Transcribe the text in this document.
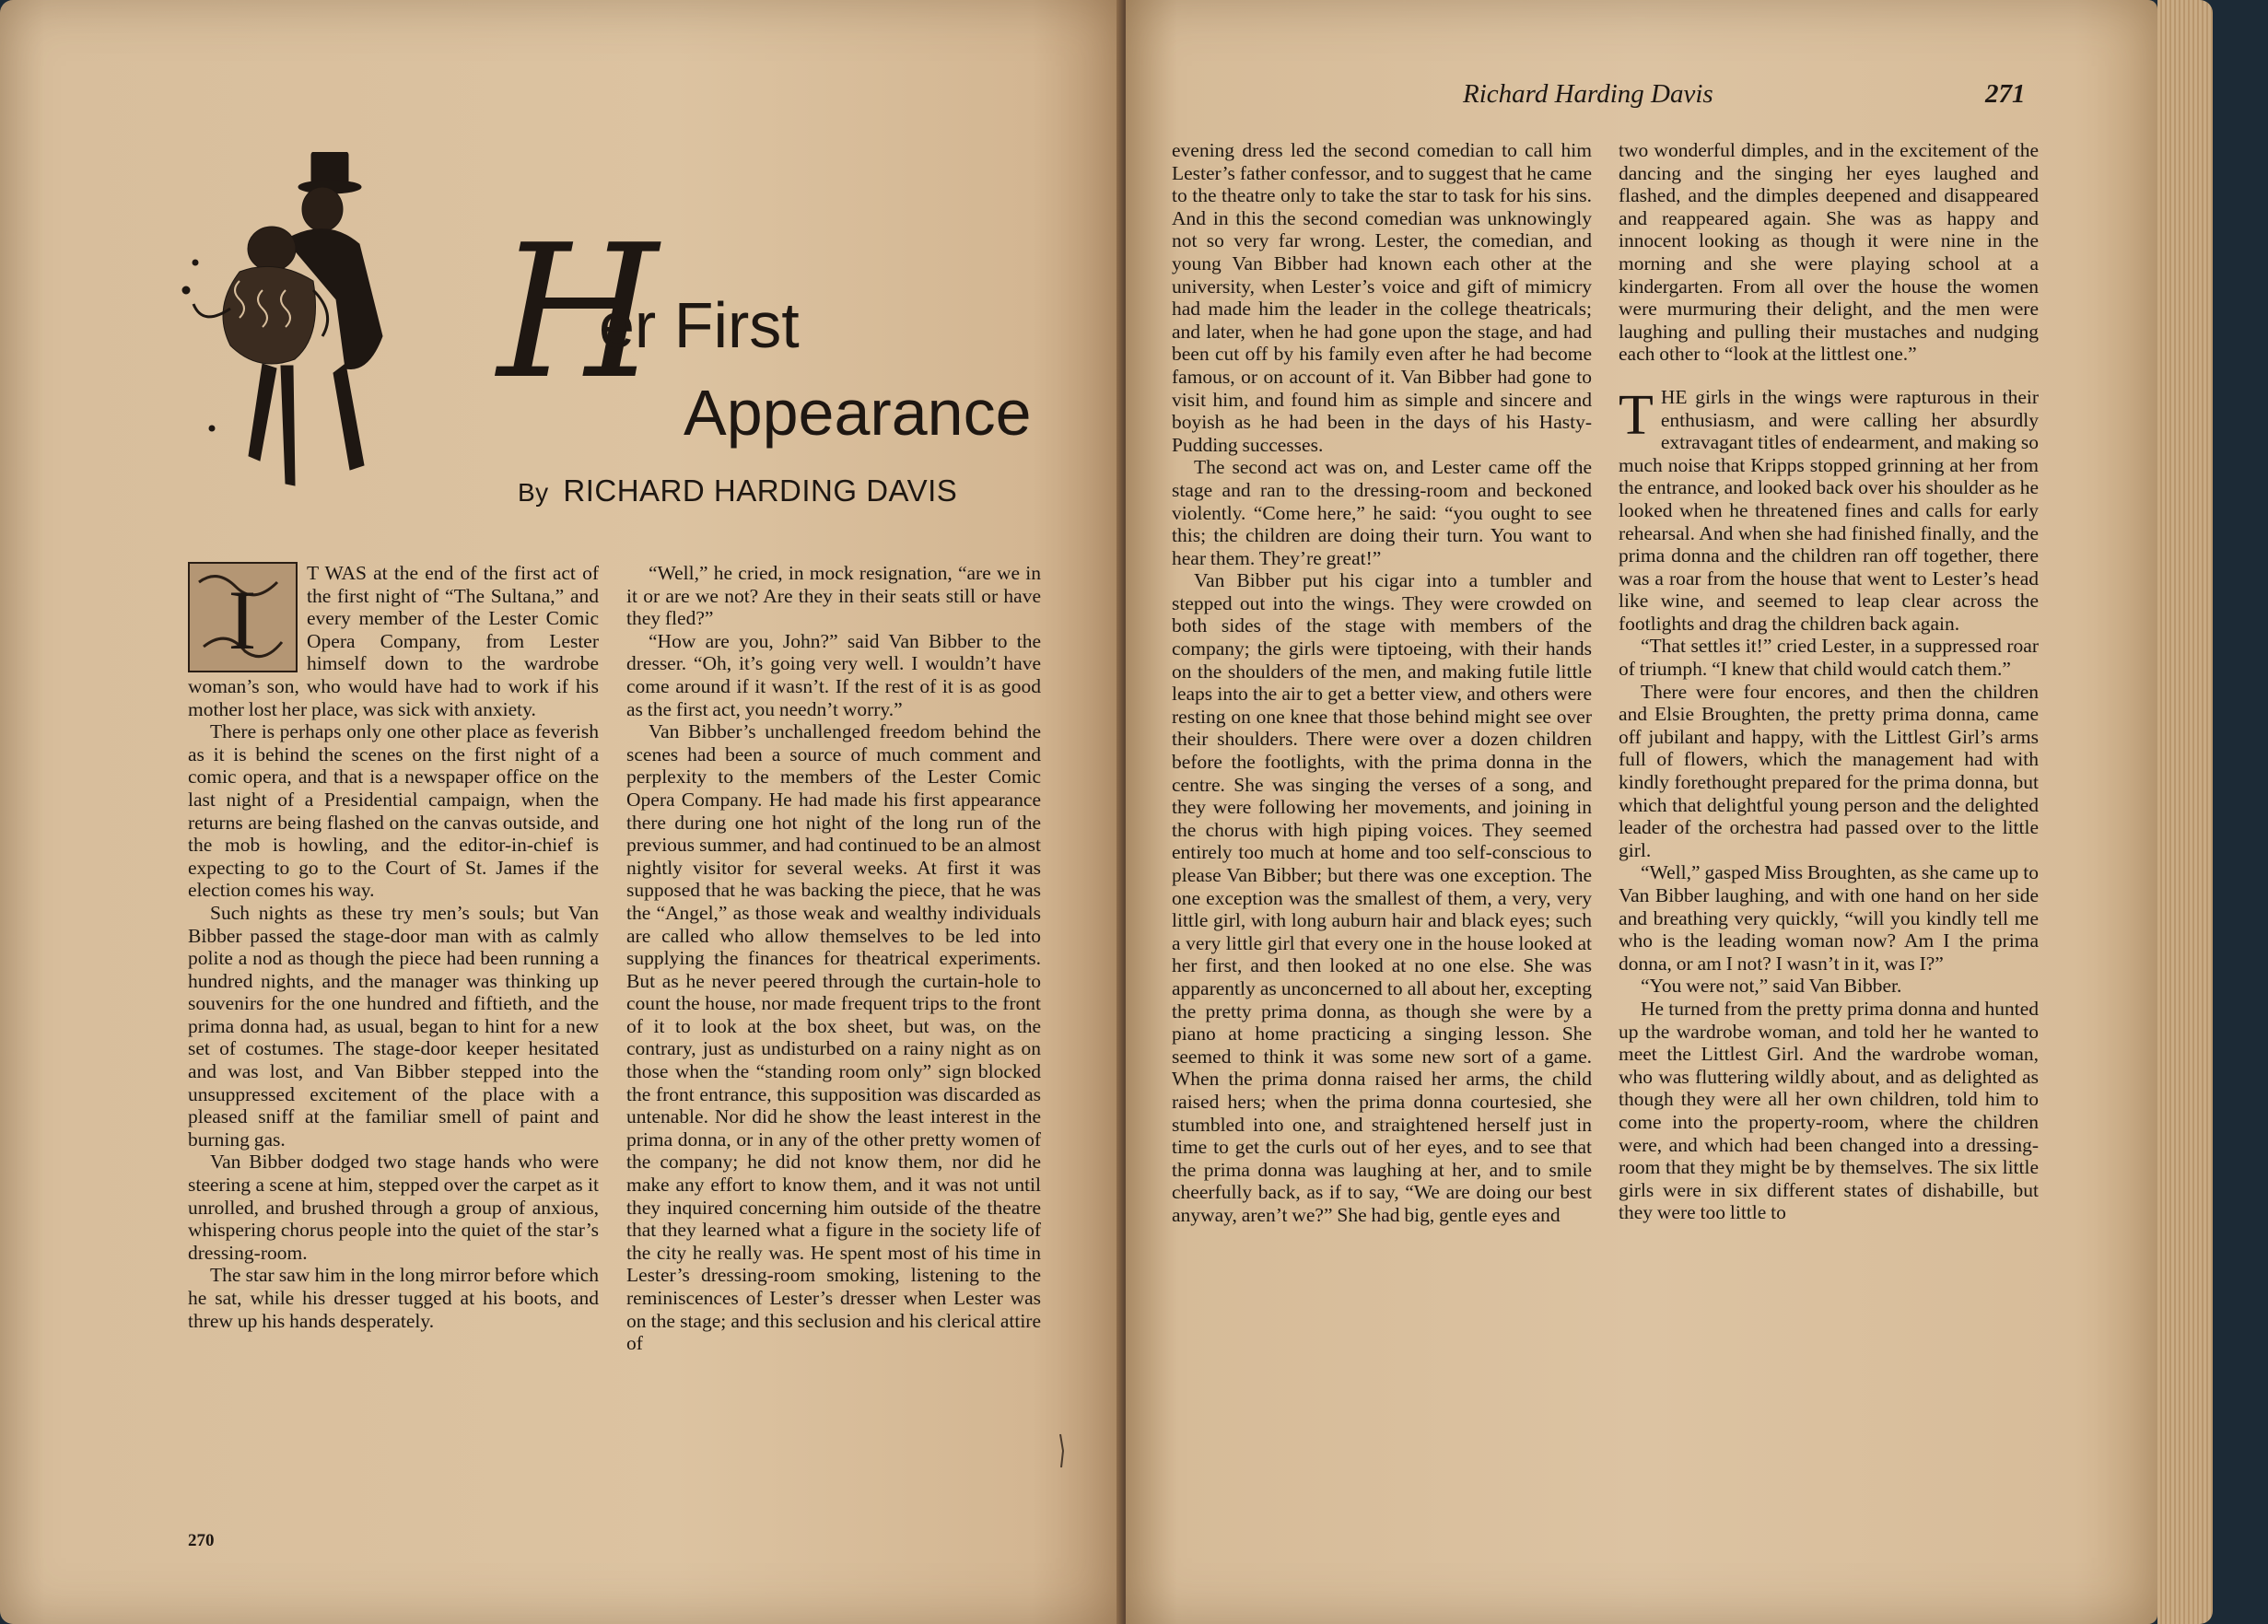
H
er First
Appearance
By RICHARD HARDING DAVIS
I	T WAS at the end of the first act of the first night of “The Sultana,” and every member of the Lester Comic Opera Company, from Lester himself down to the wardrobe woman’s son, who would have had to work if his mother lost her place, was sick with anxiety.

There is perhaps only one other place as feverish as it is behind the scenes on the first night of a comic opera, and that is a newspaper office on the last night of a Presidential campaign, when the returns are being flashed on the canvas outside, and the mob is howling, and the editor-in-chief is expecting to go to the Court of St. James if the election comes his way.

Such nights as these try men’s souls; but Van Bibber passed the stage-door man with as calmly polite a nod as though the piece had been running a hundred nights, and the manager was thinking up souvenirs for the one hundred and fiftieth, and the prima donna had, as usual, began to hint for a new set of costumes. The stage-door keeper hesitated and was lost, and Van Bibber stepped into the unsuppressed excitement of the place with a pleased sniff at the familiar smell of paint and burning gas.

Van Bibber dodged two stage hands who were steering a scene at him, stepped over the carpet as it unrolled, and brushed through a group of anxious, whispering chorus people into the quiet of the star’s dressing-room.

The star saw him in the long mirror before which he sat, while his dresser tugged at his boots, and threw up his hands desperately.

“Well,” he cried, in mock resignation, “are we in it or are we not? Are they in their seats still or have they fled?”

“How are you, John?” said Van Bibber to the dresser. “Oh, it’s going very well. I wouldn’t have come around if it wasn’t. If the rest of it is as good as the first act, you needn’t worry.”

Van Bibber’s unchallenged freedom behind the scenes had been a source of much comment and perplexity to the members of the Lester Comic Opera Company. He had made his first appearance there during one hot night of the long run of the previous summer, and had continued to be an almost nightly visitor for several weeks. At first it was supposed that he was backing the piece, that he was the “Angel,” as those weak and wealthy individuals are called who allow themselves to be led into supplying the finances for theatrical experiments. But as he never peered through the curtain-hole to count the house, nor made frequent trips to the front of it to look at the box sheet, but was, on the contrary, just as undisturbed on a rainy night as on those when the “standing room only” sign blocked the front entrance, this supposition was discarded as untenable. Nor did he show the least interest in the prima donna, or in any of the other pretty women of the company; he did not know them, nor did he make any effort to know them, and it was not until they inquired concerning him outside of the theatre that they learned what a figure in the society life of the city he really was. He spent most of his time in Lester’s dressing-room smoking, listening to the reminiscences of Lester’s dresser when Lester was on the stage; and this seclusion and his clerical attire of

270
Richard Harding Davis	271

evening dress led the second comedian to call him Lester’s father confessor, and to suggest that he came to the theatre only to take the star to task for his sins. And in this the second comedian was unknowingly not so very far wrong. Lester, the comedian, and young Van Bibber had known each other at the university, when Lester’s voice and gift of mimicry had made him the leader in the college theatricals; and later, when he had gone upon the stage, and had been cut off by his family even after he had become famous, or on account of it. Van Bibber had gone to visit him, and found him as simple and sincere and boyish as he had been in the days of his Hasty-Pudding successes.

The second act was on, and Lester came off the stage and ran to the dressing-room and beckoned violently. “Come here,” he said: “you ought to see this; the children are doing their turn. You want to hear them. They’re great!”

Van Bibber put his cigar into a tumbler and stepped out into the wings. They were crowded on both sides of the stage with members of the company; the girls were tiptoeing, with their hands on the shoulders of the men, and making futile little leaps into the air to get a better view, and others were resting on one knee that those behind might see over their shoulders. There were over a dozen children before the footlights, with the prima donna in the centre. She was singing the verses of a song, and they were following her movements, and joining in the chorus with high piping voices. They seemed entirely too much at home and too self-conscious to please Van Bibber; but there was one exception. The one exception was the smallest of them, a very, very little girl, with long auburn hair and black eyes; such a very little girl that every one in the house looked at her first, and then looked at no one else. She was apparently as unconcerned to all about her, excepting the pretty prima donna, as though she were by a piano at home practicing a singing lesson. She seemed to think it was some new sort of a game. When the prima donna raised her arms, the child raised hers; when the prima donna courtesied, she stumbled into one, and straightened herself just in time to get the curls out of her eyes, and to see that the prima donna was laughing at her, and to smile cheerfully back, as if to say, “We are doing our best anyway, aren’t we?” She had big, gentle eyes and

two wonderful dimples, and in the excitement of the dancing and the singing her eyes laughed and flashed, and the dimples deepened and disappeared and reappeared again. She was as happy and innocent looking as though it were nine in the morning and she were playing school at a kindergarten. From all over the house the women were murmuring their delight, and the men were laughing and pulling their mustaches and nudging each other to “look at the littlest one.”

THE girls in the wings were rapturous in their enthusiasm, and were calling her absurdly extravagant titles of endearment, and making so much noise that Kripps stopped grinning at her from the entrance, and looked back over his shoulder as he looked when he threatened fines and calls for early rehearsal. And when she had finished finally, and the prima donna and the children ran off together, there was a roar from the house that went to Lester’s head like wine, and seemed to leap clear across the footlights and drag the children back again.

“That settles it!” cried Lester, in a suppressed roar of triumph. “I knew that child would catch them.”

There were four encores, and then the children and Elsie Broughten, the pretty prima donna, came off jubilant and happy, with the Littlest Girl’s arms full of flowers, which the management had with kindly forethought prepared for the prima donna, but which that delightful young person and the delighted leader of the orchestra had passed over to the little girl.

“Well,” gasped Miss Broughten, as she came up to Van Bibber laughing, and with one hand on her side and breathing very quickly, “will you kindly tell me who is the leading woman now? Am I the prima donna, or am I not? I wasn’t in it, was I?”

“You were not,” said Van Bibber.

He turned from the pretty prima donna and hunted up the wardrobe woman, and told her he wanted to meet the Littlest Girl. And the wardrobe woman, who was fluttering wildly about, and as delighted as though they were all her own children, told him to come into the property-room, where the children were, and which had been changed into a dressing-room that they might be by themselves. The six little girls were in six different states of dishabille, but they were too little to
